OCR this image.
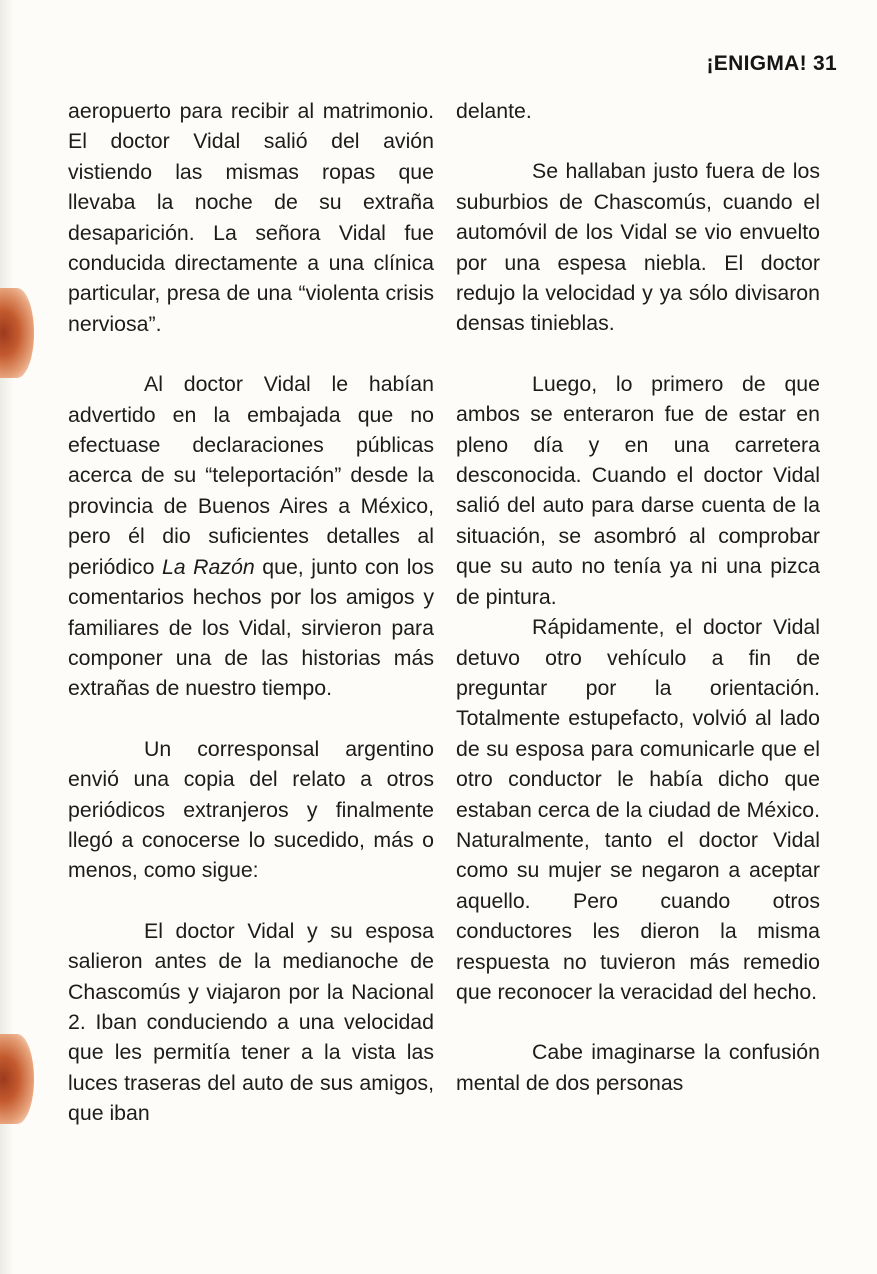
¡ENIGMA! 31

aeropuerto para recibir al matrimonio. El doctor Vidal salió del avión vistiendo las mismas ropas que llevaba la noche de su extraña desaparición. La señora Vidal fue conducida directamente a una clínica particular, presa de una “violenta crisis nerviosa”.

Al doctor Vidal le habían advertido en la embajada que no efectuase declaraciones públicas acerca de su “teleportación” desde la provincia de Buenos Aires a México, pero él dio suficientes detalles al periódico La Razón que, junto con los comentarios hechos por los amigos y familiares de los Vidal, sirvieron para componer una de las historias más extrañas de nuestro tiempo.

Un corresponsal argentino envió una copia del relato a otros periódicos extranjeros y finalmente llegó a conocerse lo sucedido, más o menos, como sigue:

El doctor Vidal y su esposa salieron antes de la medianoche de Chascomús y viajaron por la Nacional 2. Iban conduciendo a una velocidad que les permitía tener a la vista las luces traseras del auto de sus amigos, que iban

delante.

Se hallaban justo fuera de los suburbios de Chascomús, cuando el automóvil de los Vidal se vio envuelto por una espesa niebla. El doctor redujo la velocidad y ya sólo divisaron densas tinieblas.

Luego, lo primero de que ambos se enteraron fue de estar en pleno día y en una carretera desconocida. Cuando el doctor Vidal salió del auto para darse cuenta de la situación, se asombró al comprobar que su auto no tenía ya ni una pizca de pintura.

Rápidamente, el doctor Vidal detuvo otro vehículo a fin de preguntar por la orientación. Totalmente estupefacto, volvió al lado de su esposa para comunicarle que el otro conductor le había dicho que estaban cerca de la ciudad de México. Naturalmente, tanto el doctor Vidal como su mujer se negaron a aceptar aquello. Pero cuando otros conductores les dieron la misma respuesta no tuvieron más remedio que reconocer la veracidad del hecho.

Cabe imaginarse la confusión mental de dos personas
